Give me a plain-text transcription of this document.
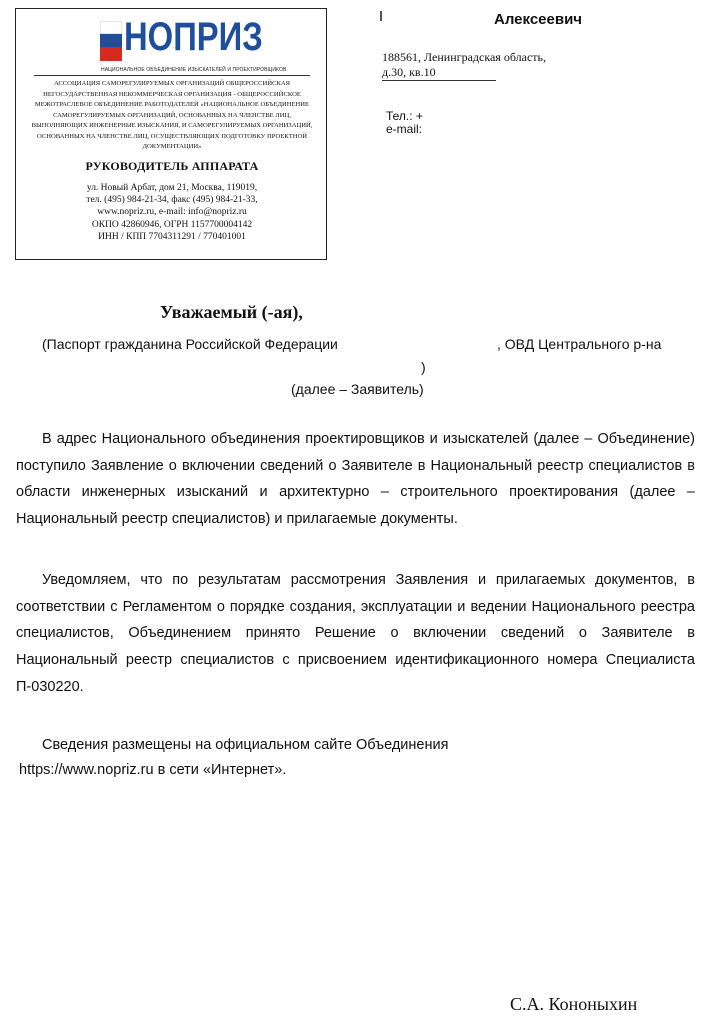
НОПРИЗ
НАЦИОНАЛЬНОЕ ОБЪЕДИНЕНИЕ ИЗЫСКАТЕЛЕЙ И ПРОЕКТИРОВЩИКОВ
АССОЦИАЦИЯ САМОРЕГУЛИРУЕМЫХ ОРГАНИЗАЦИЙ ОБЩЕРОССИЙСКАЯ
НЕГОСУДАРСТВЕННАЯ НЕКОММЕРЧЕСКАЯ ОРГАНИЗАЦИЯ - ОБЩЕРОССИЙСКОЕ
МЕЖОТРАСЛЕВОЕ ОБЪЕДИНЕНИЕ РАБОТОДАТЕЛЕЙ «НАЦИОНАЛЬНОЕ ОБЪЕДИНЕНИЕ
САМОРЕГУЛИРУЕМЫХ ОРГАНИЗАЦИЙ, ОСНОВАННЫХ НА ЧЛЕНСТВЕ ЛИЦ,
ВЫПОЛНЯЮЩИХ ИНЖЕНЕРНЫЕ ИЗЫСКАНИЯ, И САМОРЕГУЛИРУЕМЫХ ОРГАНИЗАЦИЙ,
ОСНОВАННЫХ НА ЧЛЕНСТВЕ ЛИЦ, ОСУЩЕСТВЛЯЮЩИХ ПОДГОТОВКУ ПРОЕКТНОЙ
ДОКУМЕНТАЦИИ»
РУКОВОДИТЕЛЬ АППАРАТА
ул. Новый Арбат, дом 21, Москва, 119019,
тел. (495) 984-21-34, факс (495) 984-21-33,
www.nopriz.ru, e-mail: info@nopriz.ru
ОКПО 42860946, ОГРН 1157700004142
ИНН / КПП 7704311291 / 770401001
Алексеевич
188561, Ленинградская область,
д.30, кв.10
Тел.: +
e-mail:
Уважаемый (-ая),
(Паспорт гражданина Российской Федерации	, ОВД Центрального р-на
)
(далее – Заявитель)
В адрес Национального объединения проектировщиков и изыскателей (далее – Объединение) поступило Заявление о включении сведений о Заявителе в Национальный реестр специалистов в области инженерных изысканий и архитектурно – строительного проектирования (далее – Национальный реестр специалистов) и прилагаемые документы.
Уведомляем, что по результатам рассмотрения Заявления и прилагаемых документов, в соответствии с Регламентом о порядке создания, эксплуатации и ведении Национального реестра специалистов, Объединением принято Решение о включении сведений о Заявителе в Национальный реестр специалистов с присвоением идентификационного номера Специалиста П-030220.
Сведения размещены на официальном сайте Объединения
https://www.nopriz.ru в сети «Интернет».
С.А. Кононыхин
